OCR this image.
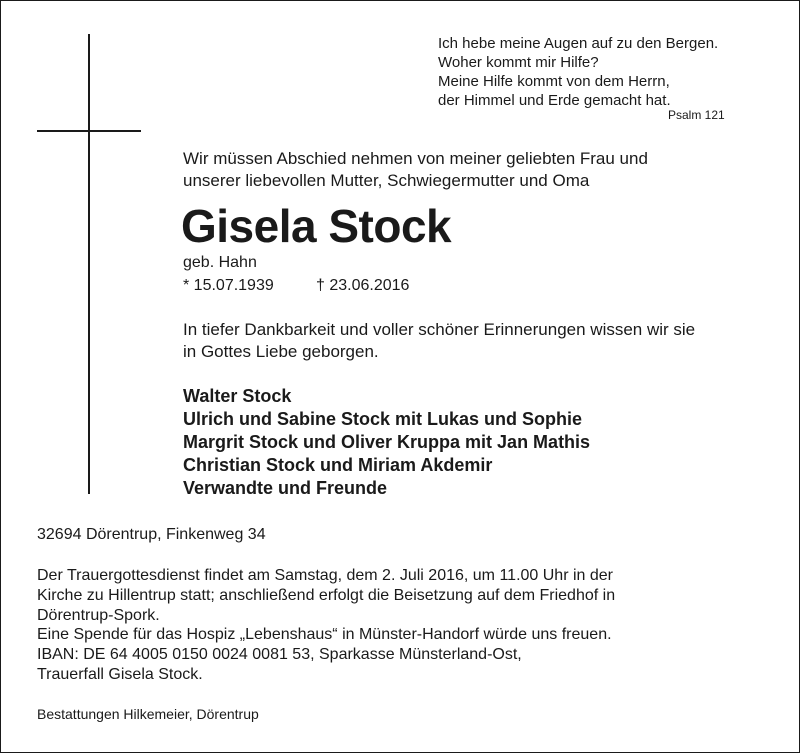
Ich hebe meine Augen auf zu den Bergen.
Woher kommt mir Hilfe?
Meine Hilfe kommt von dem Herrn,
der Himmel und Erde gemacht hat.
Psalm 121
Wir müssen Abschied nehmen von meiner geliebten Frau und
unserer liebevollen Mutter, Schwiegermutter und Oma
Gisela Stock
geb. Hahn
* 15.07.1939	† 23.06.2016
In tiefer Dankbarkeit und voller schöner Erinnerungen wissen wir sie
in Gottes Liebe geborgen.
Walter Stock
Ulrich und Sabine Stock mit Lukas und Sophie
Margrit Stock und Oliver Kruppa mit Jan Mathis
Christian Stock und Miriam Akdemir
Verwandte und Freunde
32694 Dörentrup, Finkenweg 34
Der Trauergottesdienst findet am Samstag, dem 2. Juli 2016, um 11.00 Uhr in der
Kirche zu Hillentrup statt; anschließend erfolgt die Beisetzung auf dem Friedhof in
Dörentrup-Spork.
Eine Spende für das Hospiz „Lebenshaus“ in Münster-Handorf würde uns freuen.
IBAN: DE 64 4005 0150 0024 0081 53, Sparkasse Münsterland-Ost,
Trauerfall Gisela Stock.
Bestattungen Hilkemeier, Dörentrup
